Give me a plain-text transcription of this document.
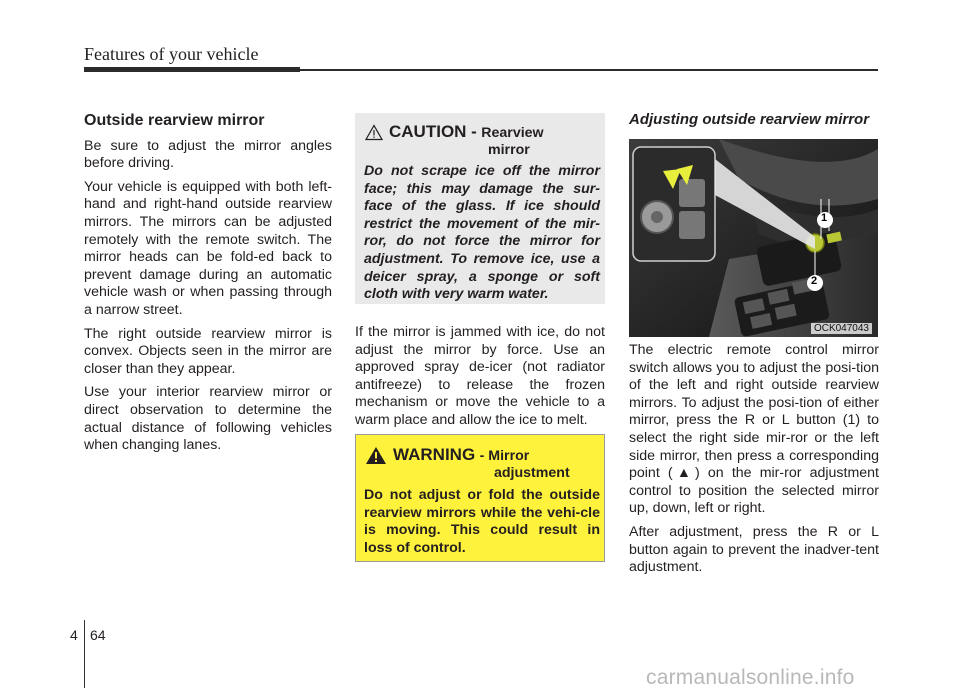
Features of your vehicle
Outside rearview mirror

Be sure to adjust the mirror angles before driving.

Your vehicle is equipped with both left-hand and right-hand outside rearview mirrors. The mirrors can be adjusted remotely with the remote switch. The mirror heads can be fold-ed back to prevent damage during an automatic vehicle wash or when passing through a narrow street.

The right outside rearview mirror is convex. Objects seen in the mirror are closer than they appear.

Use your interior rearview mirror or direct observation to determine the actual distance of following vehicles when changing lanes.

CAUTION - Rearview
mirror
Do not scrape ice off the mirror face; this may damage the sur-face of the glass. If ice should restrict the movement of the mir-ror, do not force the mirror for adjustment. To remove ice, use a deicer spray, a sponge or soft cloth with very warm water.

If the mirror is jammed with ice, do not adjust the mirror by force. Use an approved spray de-icer (not radiator antifreeze) to release the frozen mechanism or move the vehicle to a warm place and allow the ice to melt.

WARNING - Mirror
adjustment
Do not adjust or fold the outside rearview mirrors while the vehi-cle is moving. This could result in loss of control.
Adjusting outside rearview mirror
1
2
OCK047043

The electric remote control mirror switch allows you to adjust the posi-tion of the left and right outside rearview mirrors. To adjust the posi-tion of either mirror, press the R or L button (1) to select the right side mir-ror or the left side mirror, then press a corresponding point (▲) on the mir-ror adjustment control to position the selected mirror up, down, left or right.

After adjustment, press the R or L button again to prevent the inadver-tent adjustment.

4 64
carmanualsonline.info
